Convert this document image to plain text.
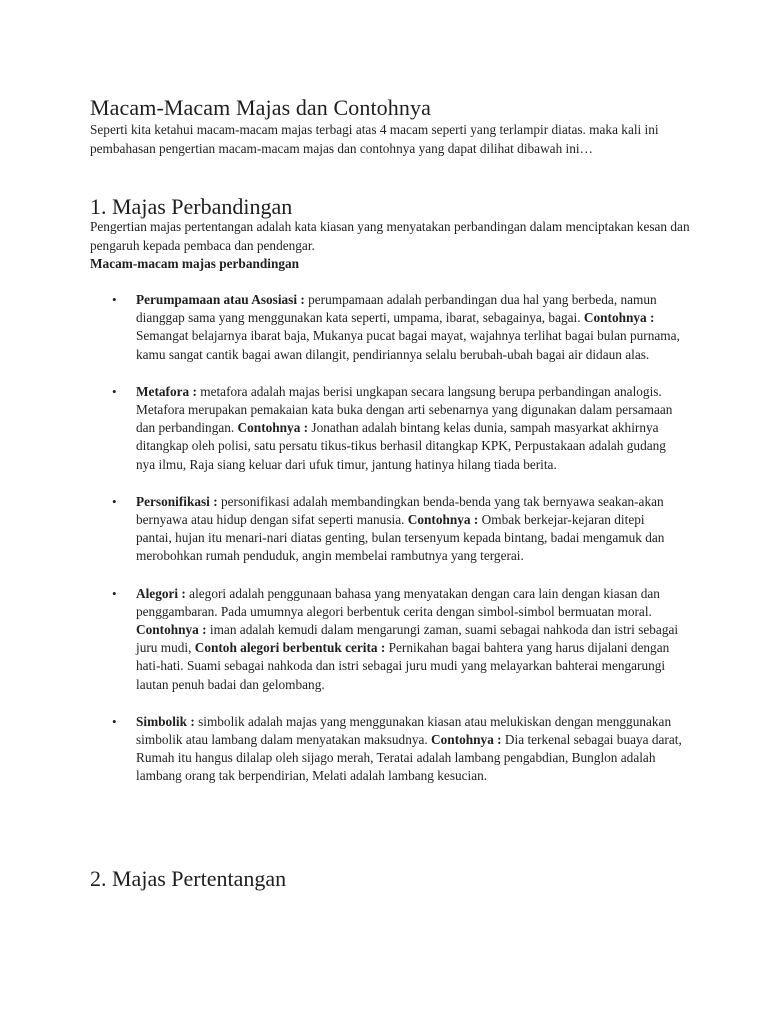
Macam-Macam Majas dan Contohnya

Seperti kita ketahui macam-macam majas terbagi atas 4 macam seperti yang terlampir diatas. maka kali ini pembahasan pengertian macam-macam majas dan contohnya yang dapat dilihat dibawah ini…

1. Majas Perbandingan

Pengertian majas pertentangan adalah kata kiasan yang menyatakan perbandingan dalam menciptakan kesan dan pengaruh kepada pembaca dan pendengar.

Macam-macam majas perbandingan

• Perumpamaan atau Asosiasi : perumpamaan adalah perbandingan dua hal yang berbeda, namun dianggap sama yang menggunakan kata seperti, umpama, ibarat, sebagainya, bagai. Contohnya : Semangat belajarnya ibarat baja, Mukanya pucat bagai mayat, wajahnya terlihat bagai bulan purnama, kamu sangat cantik bagai awan dilangit, pendiriannya selalu berubah-ubah bagai air didaun alas.
• Metafora : metafora adalah majas berisi ungkapan secara langsung berupa perbandingan analogis. Metafora merupakan pemakaian kata buka dengan arti sebenarnya yang digunakan dalam persamaan dan perbandingan. Contohnya : Jonathan adalah bintang kelas dunia, sampah masyarkat akhirnya ditangkap oleh polisi, satu persatu tikus-tikus berhasil ditangkap KPK, Perpustakaan adalah gudang nya ilmu, Raja siang keluar dari ufuk timur, jantung hatinya hilang tiada berita.
• Personifikasi : personifikasi adalah membandingkan benda-benda yang tak bernyawa seakan-akan bernyawa atau hidup dengan sifat seperti manusia. Contohnya : Ombak berkejar-kejaran ditepi pantai, hujan itu menari-nari diatas genting, bulan tersenyum kepada bintang, badai mengamuk dan merobohkan rumah penduduk, angin membelai rambutnya yang tergerai.
• Alegori : alegori adalah penggunaan bahasa yang menyatakan dengan cara lain dengan kiasan dan penggambaran. Pada umumnya alegori berbentuk cerita dengan simbol-simbol bermuatan moral. Contohnya : iman adalah kemudi dalam mengarungi zaman, suami sebagai nahkoda dan istri sebagai juru mudi, Contoh alegori berbentuk cerita : Pernikahan bagai bahtera yang harus dijalani dengan hati-hati. Suami sebagai nahkoda dan istri sebagai juru mudi yang melayarkan bahterai mengarungi lautan penuh badai dan gelombang.
• Simbolik : simbolik adalah majas yang menggunakan kiasan atau melukiskan dengan menggunakan simbolik atau lambang dalam menyatakan maksudnya. Contohnya : Dia terkenal sebagai buaya darat, Rumah itu hangus dilalap oleh sijago merah, Teratai adalah lambang pengabdian, Bunglon adalah lambang orang tak berpendirian, Melati adalah lambang kesucian.
2. Majas Pertentangan
